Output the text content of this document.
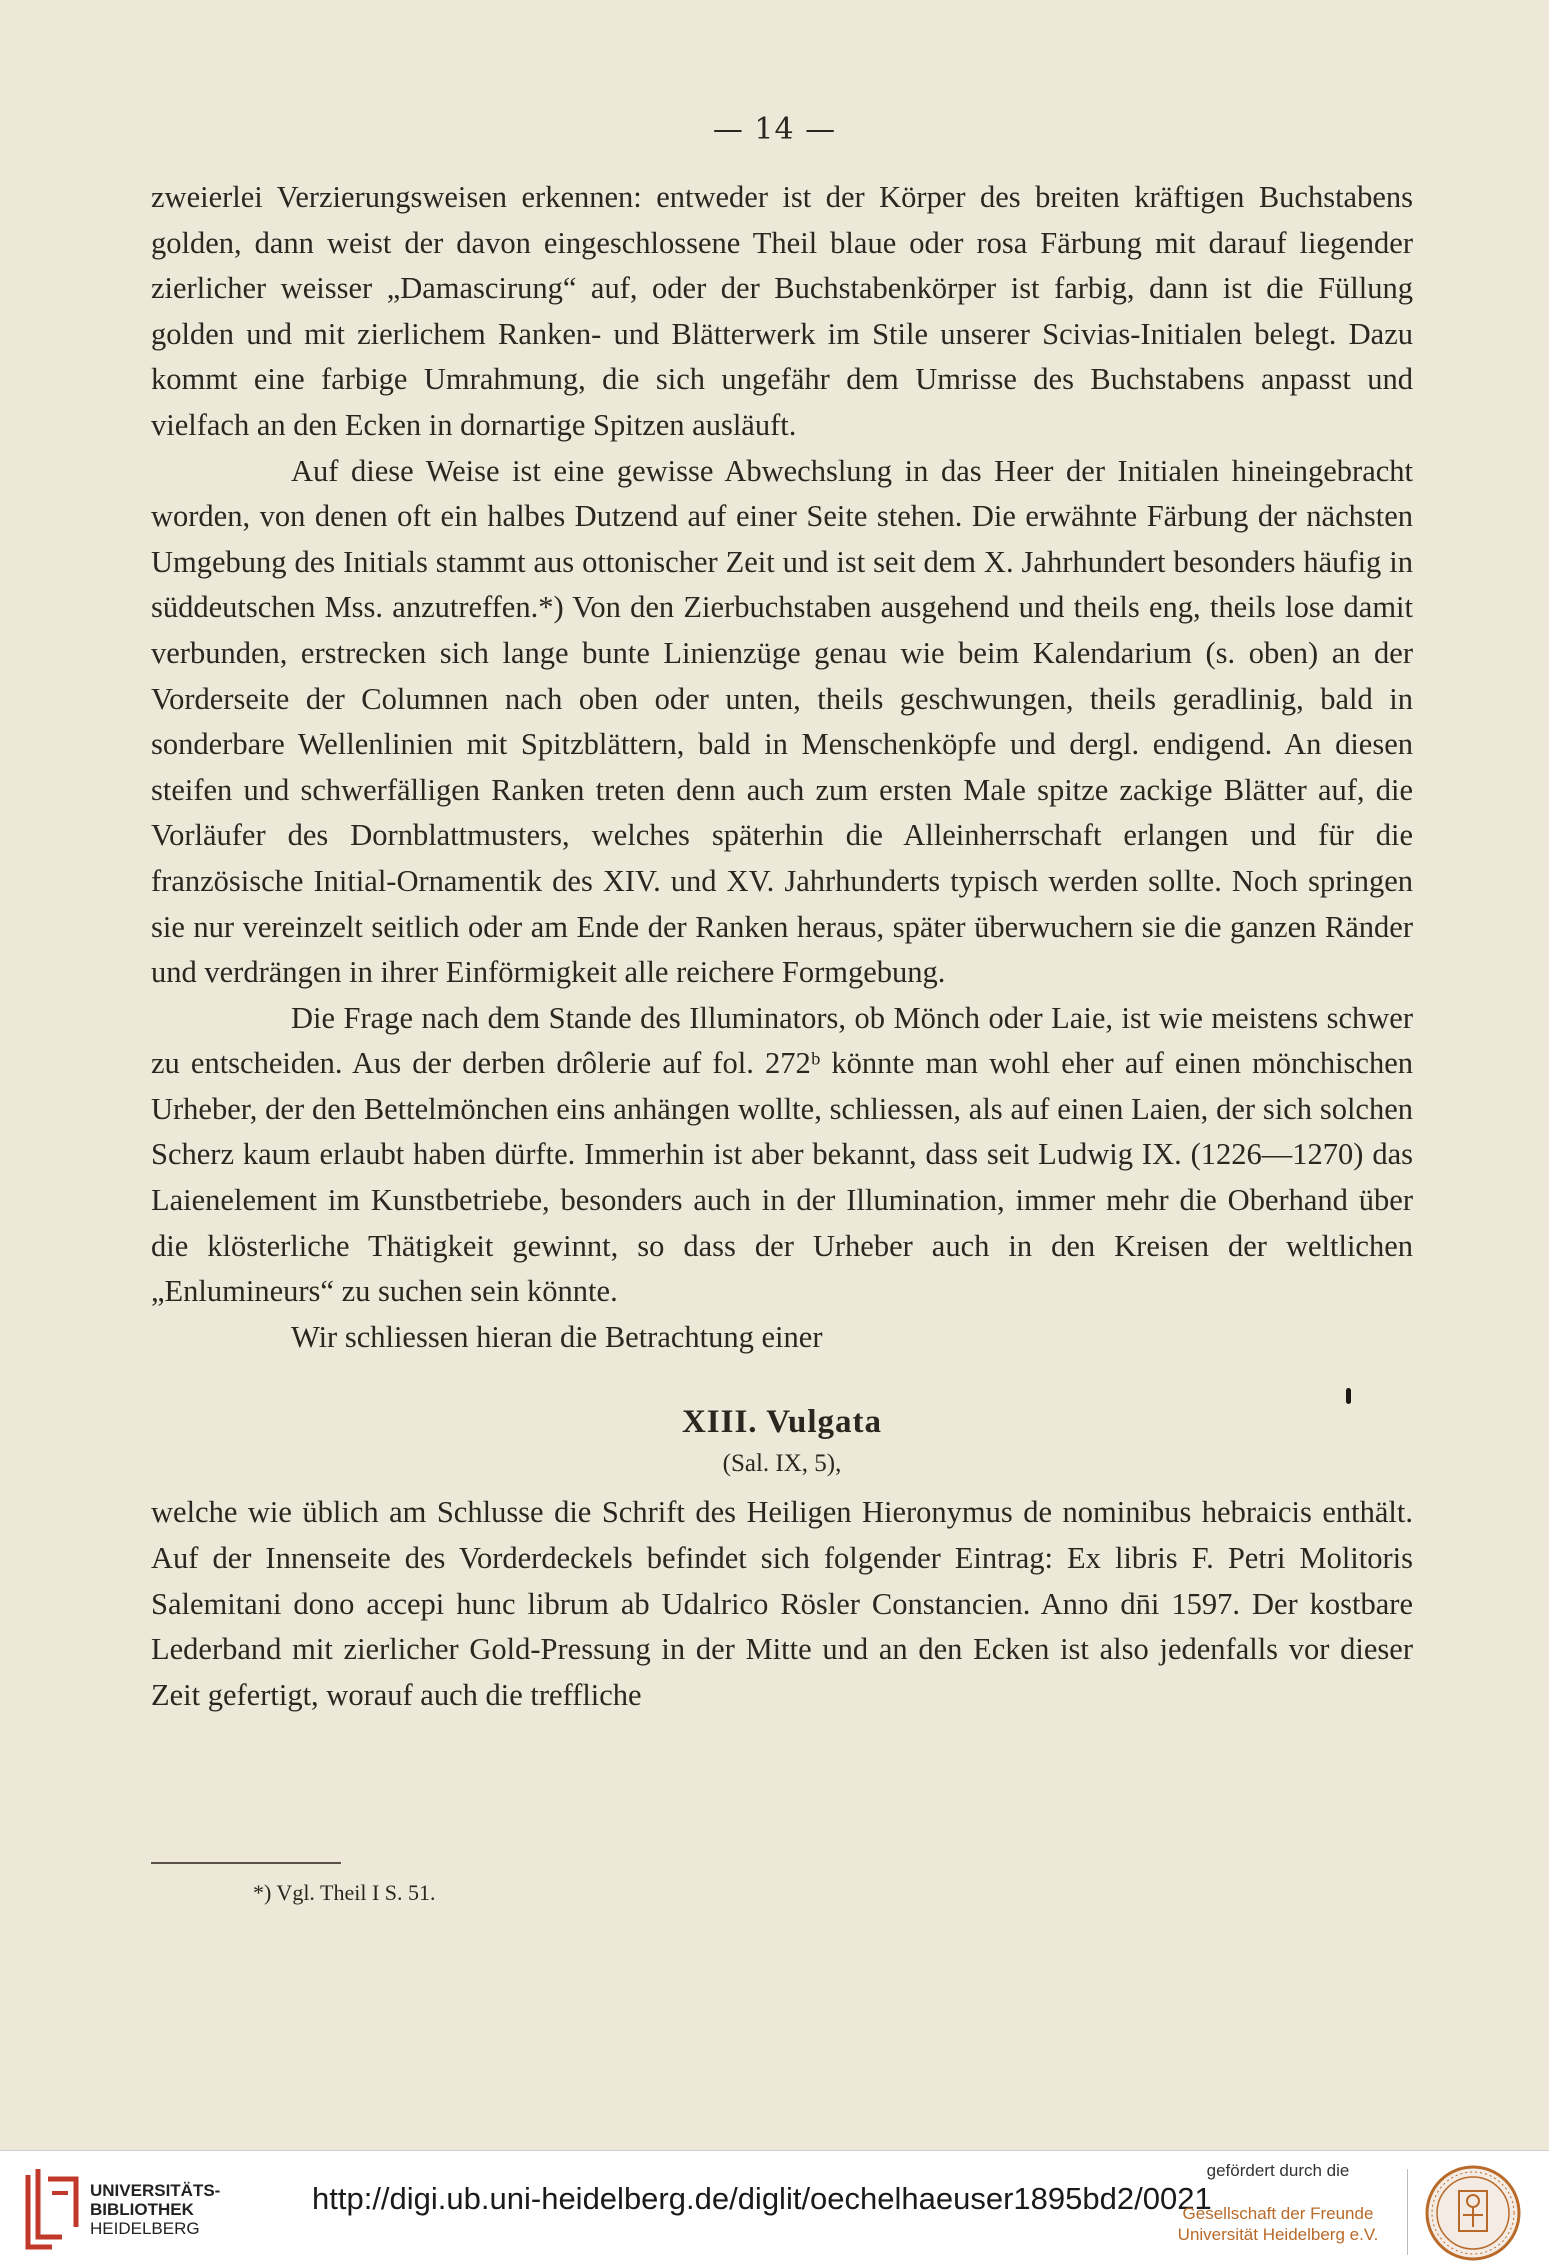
— 14 —

zweierlei Verzierungsweisen erkennen: entweder ist der Körper des breiten kräftigen Buchstabens golden, dann weist der davon eingeschlossene Theil blaue oder rosa Färbung mit darauf liegender zierlicher weisser „Damascirung“ auf, oder der Buchstabenkörper ist farbig, dann ist die Füllung golden und mit zierlichem Ranken- und Blätterwerk im Stile unserer Scivias-Initialen belegt. Dazu kommt eine farbige Umrahmung, die sich ungefähr dem Umrisse des Buchstabens anpasst und vielfach an den Ecken in dornartige Spitzen ausläuft.

Auf diese Weise ist eine gewisse Abwechslung in das Heer der Initialen hineingebracht worden, von denen oft ein halbes Dutzend auf einer Seite stehen. Die erwähnte Färbung der nächsten Umgebung des Initials stammt aus ottonischer Zeit und ist seit dem X. Jahrhundert besonders häufig in süddeutschen Mss. anzutreffen.*) Von den Zierbuchstaben ausgehend und theils eng, theils lose damit verbunden, erstrecken sich lange bunte Linienzüge genau wie beim Kalendarium (s. oben) an der Vorderseite der Columnen nach oben oder unten, theils geschwungen, theils geradlinig, bald in sonderbare Wellenlinien mit Spitzblättern, bald in Menschenköpfe und dergl. endigend. An diesen steifen und schwerfälligen Ranken treten denn auch zum ersten Male spitze zackige Blätter auf, die Vorläufer des Dornblattmusters, welches späterhin die Alleinherrschaft erlangen und für die französische Initial-Ornamentik des XIV. und XV. Jahrhunderts typisch werden sollte. Noch springen sie nur vereinzelt seitlich oder am Ende der Ranken heraus, später überwuchern sie die ganzen Ränder und verdrängen in ihrer Einförmigkeit alle reichere Formgebung.

Die Frage nach dem Stande des Illuminators, ob Mönch oder Laie, ist wie meistens schwer zu entscheiden. Aus der derben drôlerie auf fol. 272ᵇ könnte man wohl eher auf einen mönchischen Urheber, der den Bettelmönchen eins anhängen wollte, schliessen, als auf einen Laien, der sich solchen Scherz kaum erlaubt haben dürfte. Immerhin ist aber bekannt, dass seit Ludwig IX. (1226—1270) das Laienelement im Kunstbetriebe, besonders auch in der Illumination, immer mehr die Oberhand über die klösterliche Thätigkeit gewinnt, so dass der Urheber auch in den Kreisen der weltlichen „Enlumineurs“ zu suchen sein könnte.

Wir schliessen hieran die Betrachtung einer

XIII. Vulgata
(Sal. IX, 5),

welche wie üblich am Schlusse die Schrift des Heiligen Hieronymus de nominibus hebraicis enthält. Auf der Innenseite des Vorderdeckels befindet sich folgender Eintrag: Ex libris F. Petri Molitoris Salemitani dono accepi hunc librum ab Udalrico Rösler Constancien. Anno dn̄i 1597. Der kostbare Lederband mit zierlicher Gold-Pressung in der Mitte und an den Ecken ist also jedenfalls vor dieser Zeit gefertigt, worauf auch die treffliche

*) Vgl. Theil I S. 51.
UNIVERSITÄTS-
BIBLIOTHEK
HEIDELBERG
http://digi.ub.uni-heidelberg.de/diglit/oechelhaeuser1895bd2/0021
gefördert durch die
Gesellschaft der Freunde
Universität Heidelberg e.V.
